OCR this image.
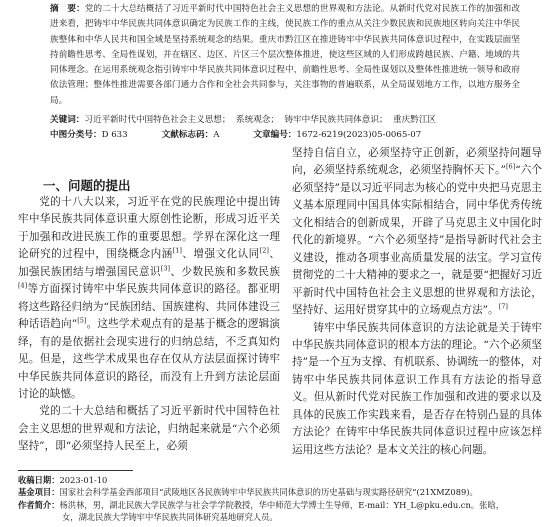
摘　要：党的二十大总结概括了习近平新时代中国特色社会主义思想的世界观和方法论。从新时代党对民族工作的加强和改进来看，把铸牢中华民族共同体意识确定为民族工作的主线，使民族工作的重点从关注少数民族和民族地区转向关注中华民族整体和中华人民共和国全域是坚持系统观念的结果。重庆市黔江区在推进铸牢中华民族共同体意识过程中，在实践层面坚持前瞻性思考、全局性谋划，并在辖区、边区、片区三个层次整体推进，使这些区域的人们形成跨越民族、户籍、地域的共同体理念。在运用系统观念指引铸牢中华民族共同体意识过程中，前瞻性思考、全局性谋划以及整体性推进统一领导和政府依法管理；整体性推进需要各部门通力合作和全社会共同参与，关注事物的普遍联系，从全局谋划地方工作，以地方服务全局。
关键词：习近平新时代中国特色社会主义思想；  系统观念；  铸牢中华民族共同体意识；  重庆黔江区
中图分类号：D 633	文献标志码：A	文章编号：1672-6219(2023)05-0065-07

一、问题的提出

党的十八大以来，习近平在党的民族理论中提出铸牢中华民族共同体意识重大原创性论断，形成习近平关于加强和改进民族工作的重要思想。学界在深化这一理论研究的过程中，围绕概念内涵[1]、增强文化认同[2]、加强民族团结与增强国民意识[3]、少数民族和多数民族[4]等方面探讨铸牢中华民族共同体意识的路径。都亚明将这些路径归纳为“民族团结、国族建构、共同体建设三种话语趋向”[5]。这些学术观点有的是基于概念的逻辑演绎，有的是依据社会现实进行的归纳总结，不乏真知灼见。但是，这些学术成果也存在仅从方法层面探讨铸牢中华民族共同体意识的路径，而没有上升到方法论层面讨论的缺憾。

党的二十大总结和概括了习近平新时代中国特色社会主义思想的世界观和方法论，归纳起来就是“六个必须坚持”，即“必须坚持人民至上，必须

坚持自信自立，必须坚持守正创新，必须坚持问题导向，必须坚持系统观念，必须坚持胸怀天下。”[6]“六个必须坚持”是以习近平同志为核心的党中央把马克思主义基本原理同中国具体实际相结合，同中华优秀传统文化相结合的创新成果，开辟了马克思主义中国化时代化的新境界。“六个必须坚持”是指导新时代社会主义建设，推动各项事业高质量发展的法宝。学习宣传贯彻党的二十大精神的要求之一，就是要“把握好习近平新时代中国特色社会主义思想的世界观和方法论，坚持好、运用好贯穿其中的立场观点方法”。[7]

铸牢中华民族共同体意识的方法论就是关于铸牢中华民族共同体意识的根本方法的理论。“六个必须坚持”是一个互为支撑、有机联系、协调统一的整体，对铸牢中华民族共同体意识工作具有方法论的指导意义。但从新时代党对民族工作加强和改进的要求以及具体的民族工作实践来看，是否存在特别凸显的具体方法论？在铸牢中华民族共同体意识过程中应该怎样运用这些方法论？是本文关注的核心问题。

收稿日期：2023-01-10
基金项目：国家社会科学基金西部项目“武陵地区各民族铸牢中华民族共同体意识的历史基础与现实路径研究”(21XMZ089)。
作者简介：杨洪林，男，湖北民族大学民族学与社会学学院教授，华中师范大学博士生导师，E-mail：YH_L@pku.edu.cn。张晗，
女，湖北民族大学铸牢中华民族共同体研究基地研究人员。
